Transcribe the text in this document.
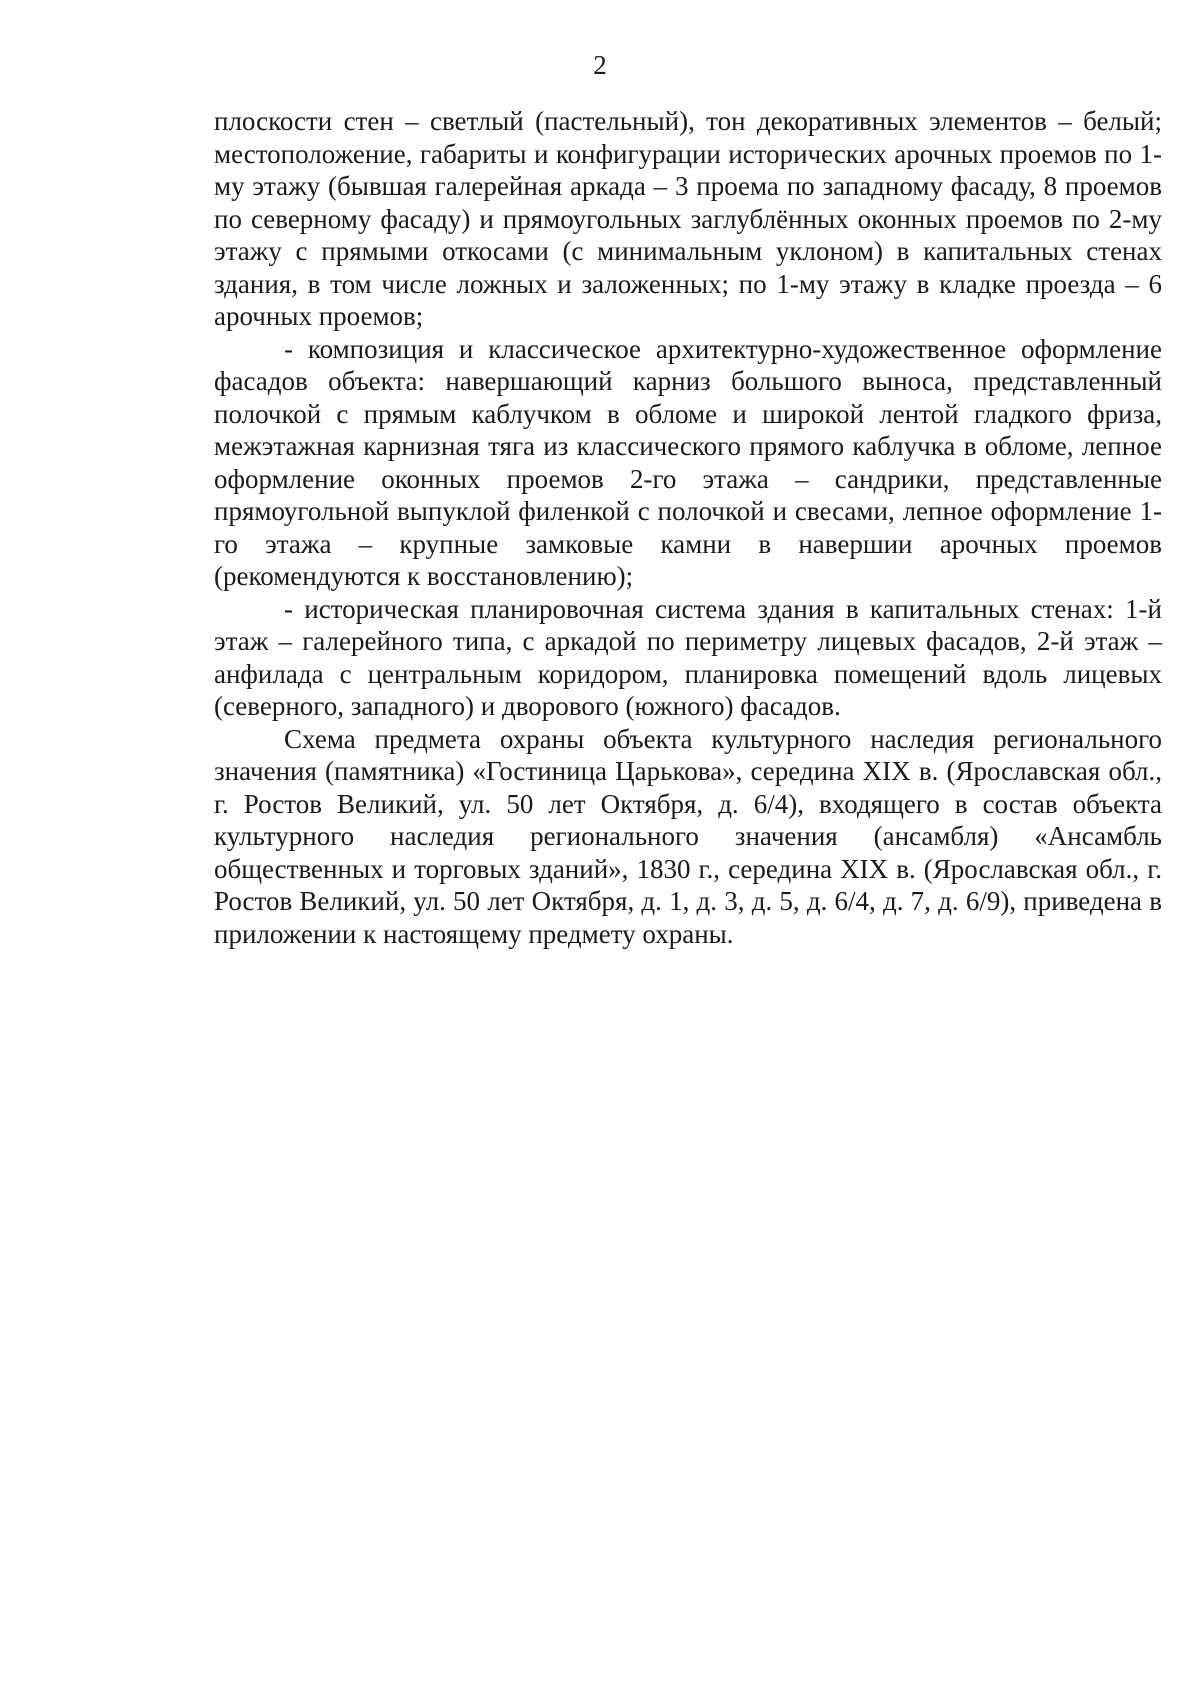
2

плоскости стен – светлый (пастельный), тон декоративных элементов – белый; местоположение, габариты и конфигурации исторических арочных проемов по 1-му этажу (бывшая галерейная аркада – 3 проема по западному фасаду, 8 проемов по северному фасаду) и прямоугольных заглублённых оконных проемов по 2-му этажу с прямыми откосами (с минимальным уклоном) в капитальных стенах здания, в том числе ложных и заложенных; по 1-му этажу в кладке проезда – 6 арочных проемов;

- композиция и классическое архитектурно-художественное оформление фасадов объекта: навершающий карниз большого выноса, представленный полочкой с прямым каблучком в обломе и широкой лентой гладкого фриза, межэтажная карнизная тяга из классического прямого каблучка в обломе, лепное оформление оконных проемов 2-го этажа – сандрики, представленные прямоугольной выпуклой филенкой с полочкой и свесами, лепное оформление 1-го этажа – крупные замковые камни в навершии арочных проемов (рекомендуются к восстановлению);

- историческая планировочная система здания в капитальных стенах: 1-й этаж – галерейного типа, с аркадой по периметру лицевых фасадов, 2-й этаж – анфилада с центральным коридором, планировка помещений вдоль лицевых (северного, западного) и дворового (южного) фасадов.

Схема предмета охраны объекта культурного наследия регионального значения (памятника) «Гостиница Царькова», середина XIX в. (Ярославская обл., г. Ростов Великий, ул. 50 лет Октября, д. 6/4), входящего в состав объекта культурного наследия регионального значения (ансамбля) «Ансамбль общественных и торговых зданий», 1830 г., середина XIX в. (Ярославская обл., г. Ростов Великий, ул. 50 лет Октября, д. 1, д. 3, д. 5, д. 6/4, д. 7, д. 6/9), приведена в приложении к настоящему предмету охраны.
